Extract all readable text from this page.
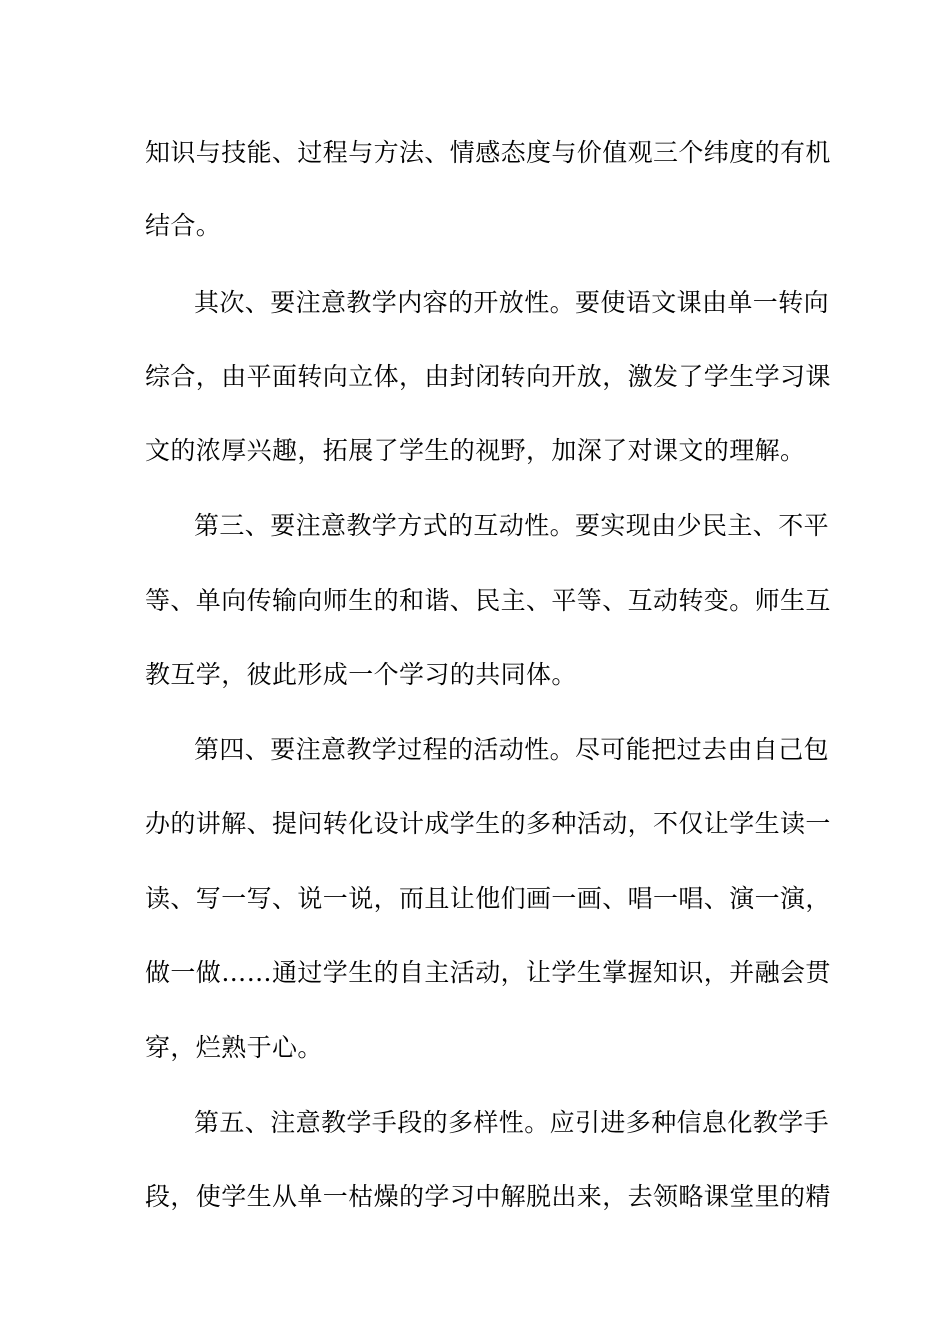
知识与技能、过程与方法、情感态度与价值观三个纬度的有机
结合。
其次、要注意教学内容的开放性。要使语文课由单一转向
综合，由平面转向立体，由封闭转向开放，激发了学生学习课
文的浓厚兴趣，拓展了学生的视野，加深了对课文的理解。
第三、要注意教学方式的互动性。要实现由少民主、不平
等、单向传输向师生的和谐、民主、平等、互动转变。师生互
教互学，彼此形成一个学习的共同体。
第四、要注意教学过程的活动性。尽可能把过去由自己包
办的讲解、提问转化设计成学生的多种活动，不仅让学生读一
读、写一写、说一说，而且让他们画一画、唱一唱、演一演，
做一做……通过学生的自主活动，让学生掌握知识，并融会贯
穿，烂熟于心。
第五、注意教学手段的多样性。应引进多种信息化教学手
段，使学生从单一枯燥的学习中解脱出来，去领略课堂里的精
